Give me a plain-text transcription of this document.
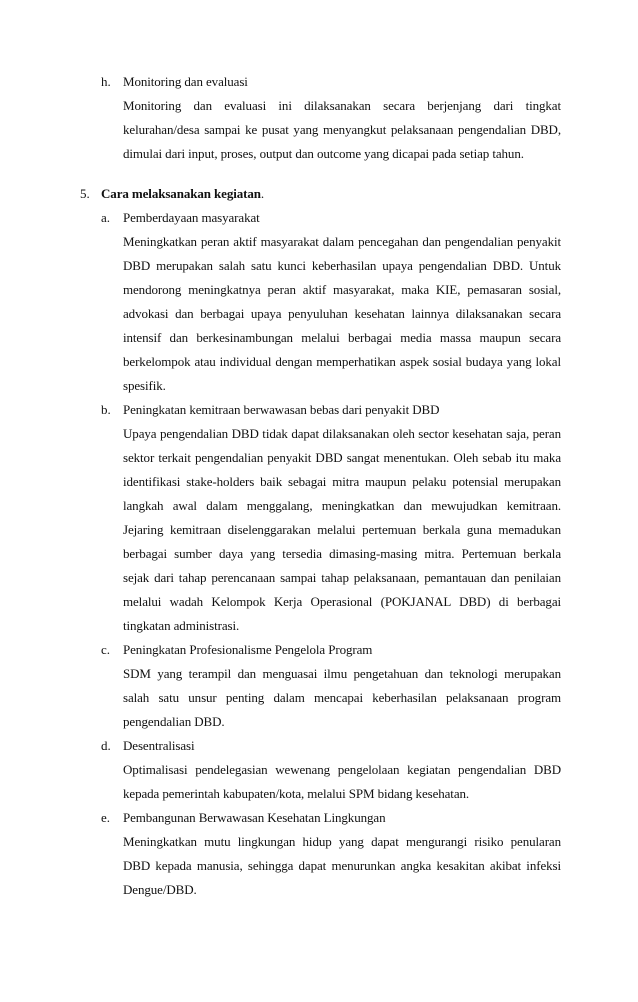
h. Monitoring dan evaluasi
Monitoring dan evaluasi ini dilaksanakan secara berjenjang dari tingkat
kelurahan/desa sampai ke pusat yang menyangkut pelaksanaan pengendalian DBD,
dimulai dari input, proses, output dan outcome yang dicapai pada setiap tahun.
5. Cara melaksanakan kegiatan.
a. Pemberdayaan masyarakat
Meningkatkan peran aktif masyarakat dalam pencegahan dan pengendalian penyakit
DBD merupakan salah satu kunci keberhasilan upaya pengendalian DBD. Untuk
mendorong meningkatnya peran aktif masyarakat, maka KIE, pemasaran sosial,
advokasi dan berbagai upaya penyuluhan kesehatan lainnya dilaksanakan secara
intensif dan berkesinambungan melalui berbagai media massa maupun secara
berkelompok atau individual dengan memperhatikan aspek sosial budaya yang lokal
spesifik.
b. Peningkatan kemitraan berwawasan bebas dari penyakit DBD
Upaya pengendalian DBD tidak dapat dilaksanakan oleh sector kesehatan saja, peran
sektor terkait pengendalian penyakit DBD sangat menentukan. Oleh sebab itu maka
identifikasi stake-holders baik sebagai mitra maupun pelaku potensial merupakan
langkah awal dalam menggalang, meningkatkan dan mewujudkan kemitraan.
Jejaring kemitraan diselenggarakan melalui pertemuan berkala guna memadukan
berbagai sumber daya yang tersedia dimasing-masing mitra. Pertemuan berkala
sejak dari tahap perencanaan sampai tahap pelaksanaan, pemantauan dan penilaian
melalui wadah Kelompok Kerja Operasional (POKJANAL DBD) di berbagai
tingkatan administrasi.
c. Peningkatan Profesionalisme Pengelola Program
SDM yang terampil dan menguasai ilmu pengetahuan dan teknologi merupakan
salah satu unsur penting dalam mencapai keberhasilan pelaksanaan program
pengendalian DBD.
d. Desentralisasi
Optimalisasi pendelegasian wewenang pengelolaan kegiatan pengendalian DBD
kepada pemerintah kabupaten/kota, melalui SPM bidang kesehatan.
e. Pembangunan Berwawasan Kesehatan Lingkungan
Meningkatkan mutu lingkungan hidup yang dapat mengurangi risiko penularan
DBD kepada manusia, sehingga dapat menurunkan angka kesakitan akibat infeksi
Dengue/DBD.
